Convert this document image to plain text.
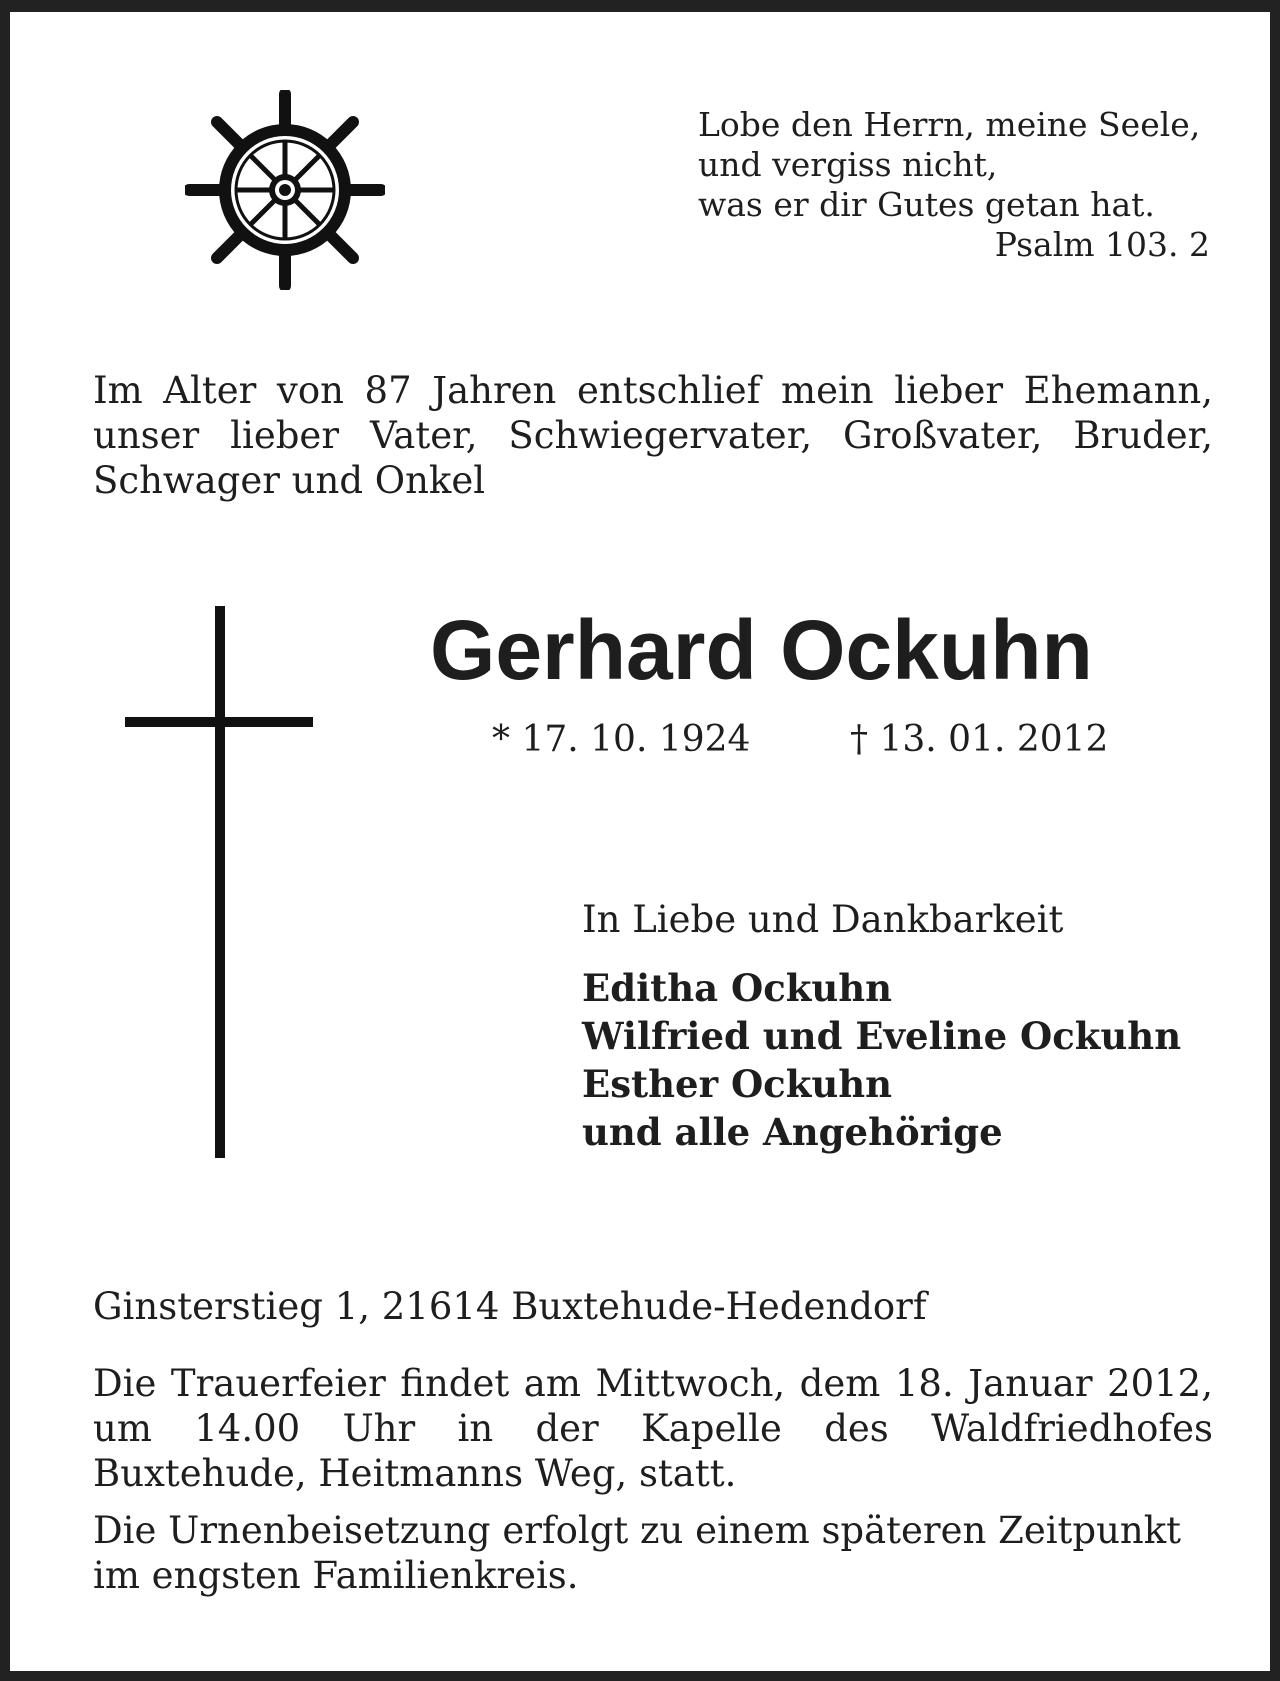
Lobe den Herrn, meine Seele,
und vergiss nicht,
was er dir Gutes getan hat.
Psalm 103. 2
Im Alter von 87 Jahren entschlief mein lieber Ehemann, unser lieber Vater, Schwiegervater, Großvater, Bruder, Schwager und Onkel
Gerhard Ockuhn
* 17. 10. 1924	† 13. 01. 2012
In Liebe und Dankbarkeit
Editha Ockuhn
Wilfried und Eveline Ockuhn
Esther Ockuhn
und alle Angehörige
Ginsterstieg 1, 21614 Buxtehude-Hedendorf
Die Trauerfeier findet am Mittwoch, dem 18. Januar 2012, um 14.00 Uhr in der Kapelle des Waldfriedhofes Buxtehude, Heitmanns Weg, statt.
Die Urnenbeisetzung erfolgt zu einem späteren Zeitpunkt im engsten Familienkreis.
